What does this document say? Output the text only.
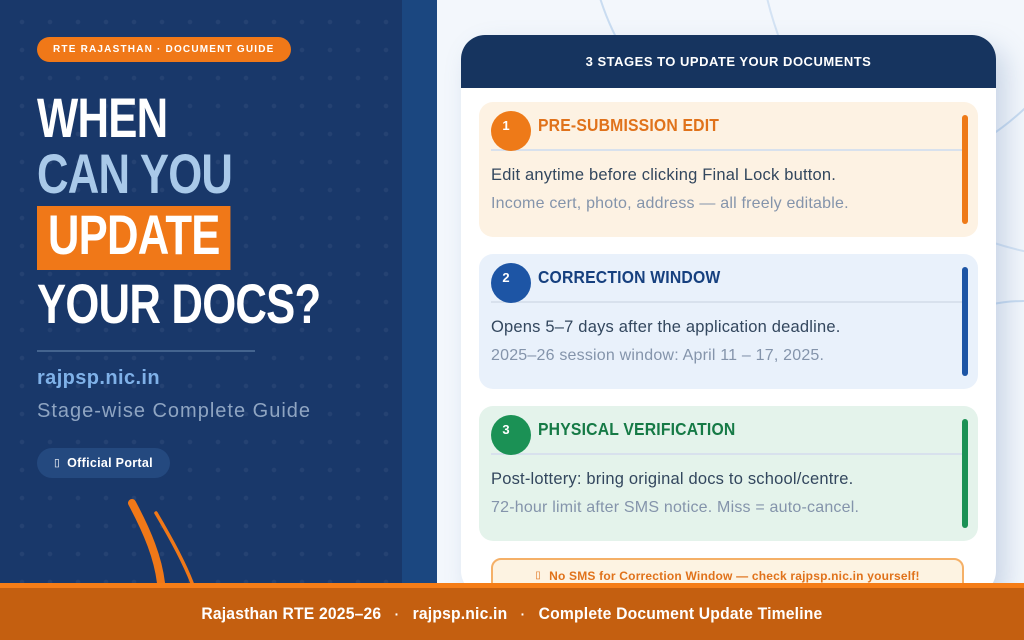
RTE RAJASTHAN · DOCUMENT GUIDE
WHEN
CAN YOU
UPDATE
YOUR DOCS?
rajpsp.nic.in
Stage-wise Complete Guide
▯ Official Portal
3 STAGES TO UPDATE YOUR DOCUMENTS
1	PRE-SUBMISSION EDIT

Edit anytime before clicking Final Lock button.

Income cert, photo, address — all freely editable.

2	CORRECTION WINDOW

Opens 5–7 days after the application deadline.

2025–26 session window: April 11 – 17, 2025.

3	PHYSICAL VERIFICATION

Post-lottery: bring original docs to school/centre.

72-hour limit after SMS notice. Miss = auto-cancel.

▯ No SMS for Correction Window — check rajpsp.nic.in yourself!
Rajasthan RTE 2025–26 · rajpsp.nic.in · Complete Document Update Timeline
